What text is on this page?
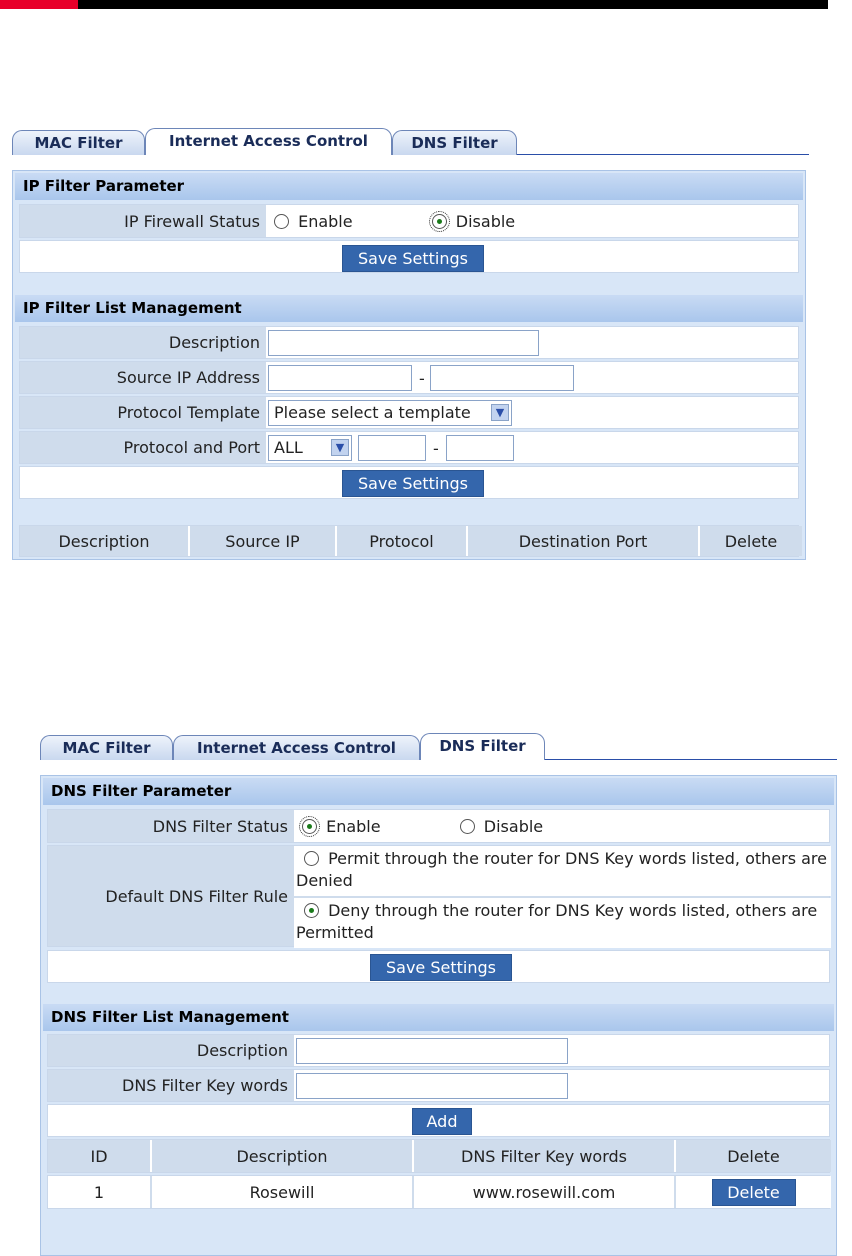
MAC Filter	Internet Access Control	DNS Filter
IP Filter Parameter
IP Firewall Status	Enable	Disable
Save Settings
IP Filter List Management
Description
Source IP Address	-
Protocol Template Please select a template	▼
Protocol and Port ALL	▼	-
Save Settings
Description	Source IP	Protocol	Destination Port	Delete
MAC Filter	Internet Access Control	DNS Filter
DNS Filter Parameter
DNS Filter Status	Enable	Disable
Default DNS Filter Rule
Permit through the router for DNS Key words listed, others are Denied
Deny through the router for DNS Key words listed, others are Permitted
Save Settings
DNS Filter List Management
Description
DNS Filter Key words
Add
ID	Description	DNS Filter Key words	Delete
1	Rosewill	www.rosewill.com	Delete
